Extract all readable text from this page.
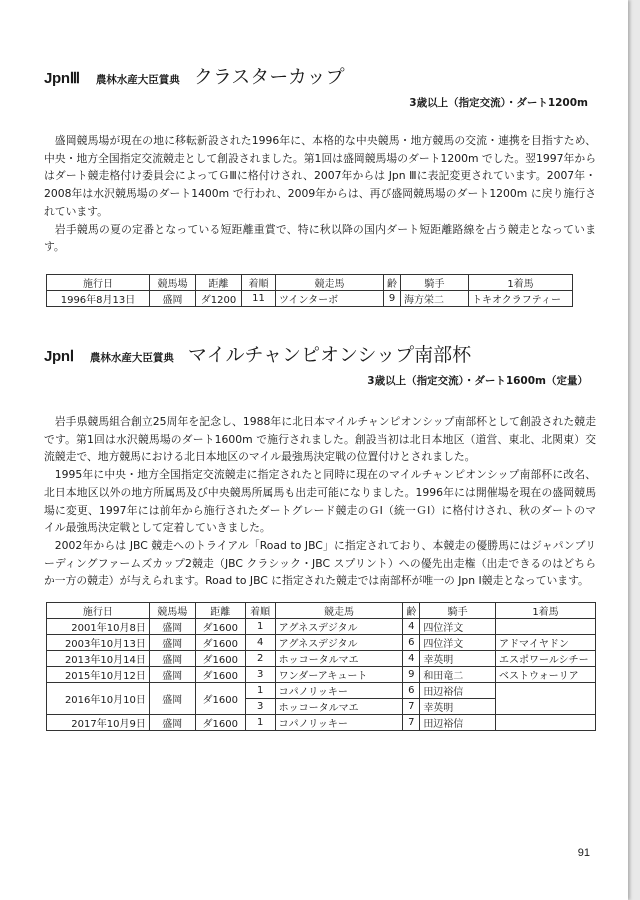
JpnⅢ 農林水産大臣賞典 クラスターカップ
3歳以上（指定交流）・ダート1200m

盛岡競馬場が現在の地に移転新設された1996年に、本格的な中央競馬・地方競馬の交流・連携を目指すため、中央・地方全国指定交流競走として創設されました。第1回は盛岡競馬場のダート1200m でした。翌1997年からはダート競走格付け委員会によってＧⅢに格付けされ、2007年からは Jpn Ⅲに表記変更されています。2007年・2008年は水沢競馬場のダート1400m で行われ、2009年からは、再び盛岡競馬場のダート1200m に戻り施行されています。

岩手競馬の夏の定番となっている短距離重賞で、特に秋以降の国内ダート短距離路線を占う競走となっています。

施行日	競馬場	距離	着順	競走馬	齢	騎手	1着馬
1996年8月13日	盛岡	ダ1200	11	ツインターボ	9	海方栄二	トキオクラフティー
JpnⅠ 農林水産大臣賞典 マイルチャンピオンシップ南部杯
3歳以上（指定交流）・ダート1600m（定量）

岩手県競馬組合創立25周年を記念し、1988年に北日本マイルチャンピオンシップ南部杯として創設された競走です。第1回は水沢競馬場のダート1600m で施行されました。創設当初は北日本地区（道営、東北、北関東）交流競走で、地方競馬における北日本地区のマイル最強馬決定戦の位置付けとされました。

1995年に中央・地方全国指定交流競走に指定されたと同時に現在のマイルチャンピオンシップ南部杯に改名、北日本地区以外の地方所属馬及び中央競馬所属馬も出走可能になりました。1996年には開催場を現在の盛岡競馬場に変更、1997年には前年から施行されたダートグレード競走のＧⅠ（統一ＧⅠ）に格付けされ、秋のダートのマイル最強馬決定戦として定着していきました。

2002年からは JBC 競走へのトライアル「Road to JBC」に指定されており、本競走の優勝馬にはジャパンブリーディングファームズカップ2競走（JBC クラシック・JBC スプリント）への優先出走権（出走できるのはどちらか一方の競走）が与えられます。Road to JBC に指定された競走では南部杯が唯一の Jpn Ⅰ競走となっています。

施行日	競馬場	距離	着順	競走馬	齢	騎手	1着馬
2001年10月8日	盛岡	ダ1600	1	アグネスデジタル	4	四位洋文	
2003年10月13日	盛岡	ダ1600	4	アグネスデジタル	6	四位洋文	アドマイヤドン
2013年10月14日	盛岡	ダ1600	2	ホッコータルマエ	4	幸英明	エスポワールシチー
2015年10月12日	盛岡	ダ1600	3	ワンダーアキュート	9	和田竜二	ベストウォーリア
2016年10月10日	盛岡	ダ1600	1	コパノリッキー	6	田辺裕信	
			3	ホッコータルマエ	7	幸英明	
2017年10月9日	盛岡	ダ1600	1	コパノリッキー	7	田辺裕信	
91
